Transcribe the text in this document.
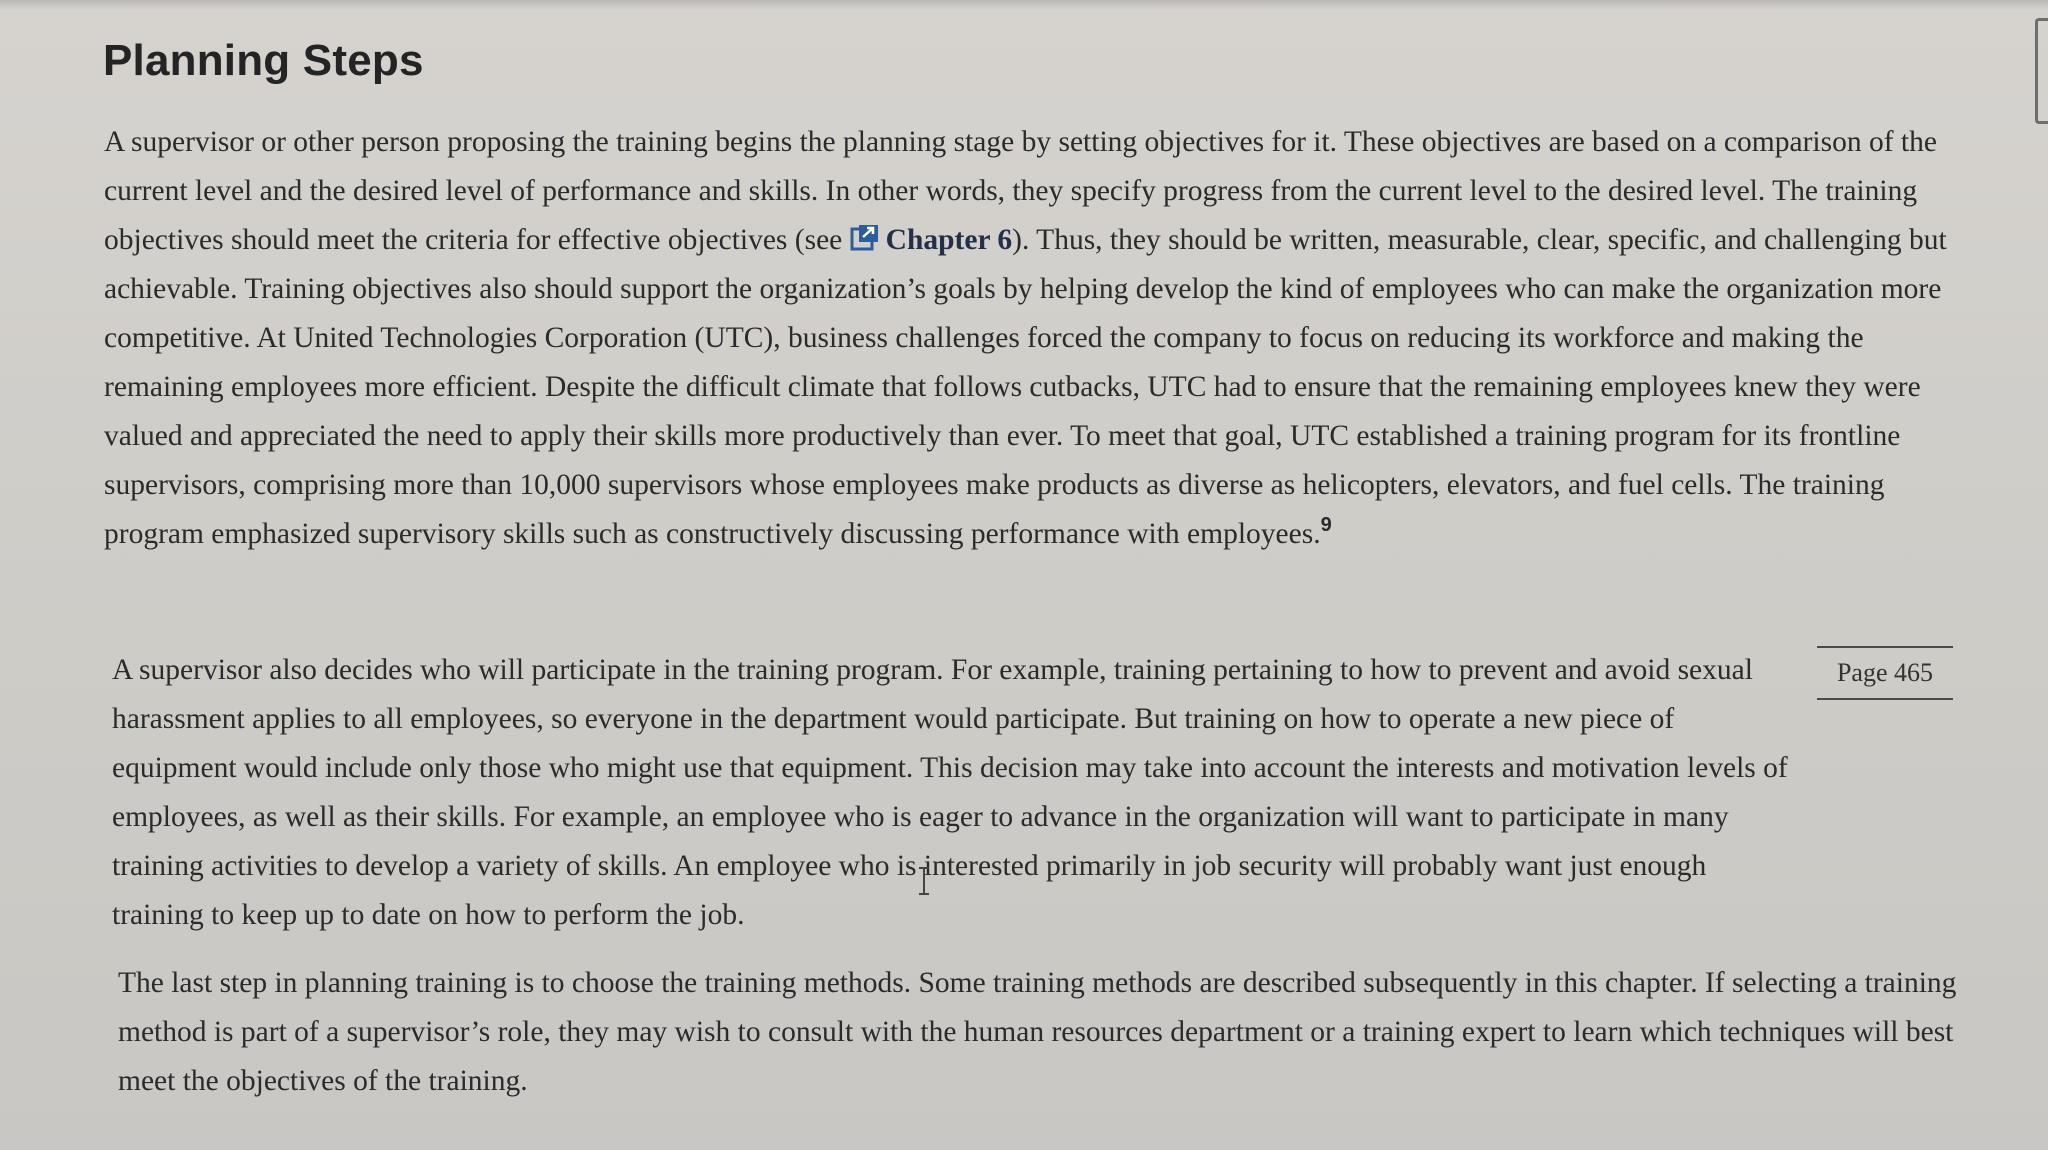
Planning Steps

A supervisor or other person proposing the training begins the planning stage by setting objectives for it. These objectives are based on a comparison of the current level and the desired level of performance and skills. In other words, they specify progress from the current level to the desired level. The training objectives should meet the criteria for effective objectives (see
Chapter 6). Thus, they should be written, measurable, clear, specific, and challenging but achievable. Training objectives also should support the organization’s goals by helping develop the kind of employees who can make the organization more competitive. At United Technologies Corporation (UTC), business challenges forced the company to focus on reducing its workforce and making the remaining employees more efficient. Despite the difficult climate that follows cutbacks, UTC had to ensure that the remaining employees knew they were valued and appreciated the need to apply their skills more productively than ever. To meet that goal, UTC established a training program for its frontline supervisors, comprising more than 10,000 supervisors whose employees make products as diverse as helicopters, elevators, and fuel cells. The training program emphasized supervisory skills such as constructively discussing performance with employees.$^9$

Page 465

A supervisor also decides who will participate in the training program. For example, training pertaining to how to prevent and avoid sexual harassment applies to all employees, so everyone in the department would participate. But training on how to operate a new piece of equipment would include only those who might use that equipment. This decision may take into account the interests and motivation levels of employees, as well as their skills. For example, an employee who is eager to advance in the organization will want to participate in many training activities to develop a variety of skills. An employee who is interested primarily in job security will probably want just enough training to keep up to date on how to perform the job.

The last step in planning training is to choose the training methods. Some training methods are described subsequently in this chapter. If selecting a training method is part of a supervisor’s role, they may wish to consult with the human resources department or a training expert to learn which techniques will best meet the objectives of the training.
